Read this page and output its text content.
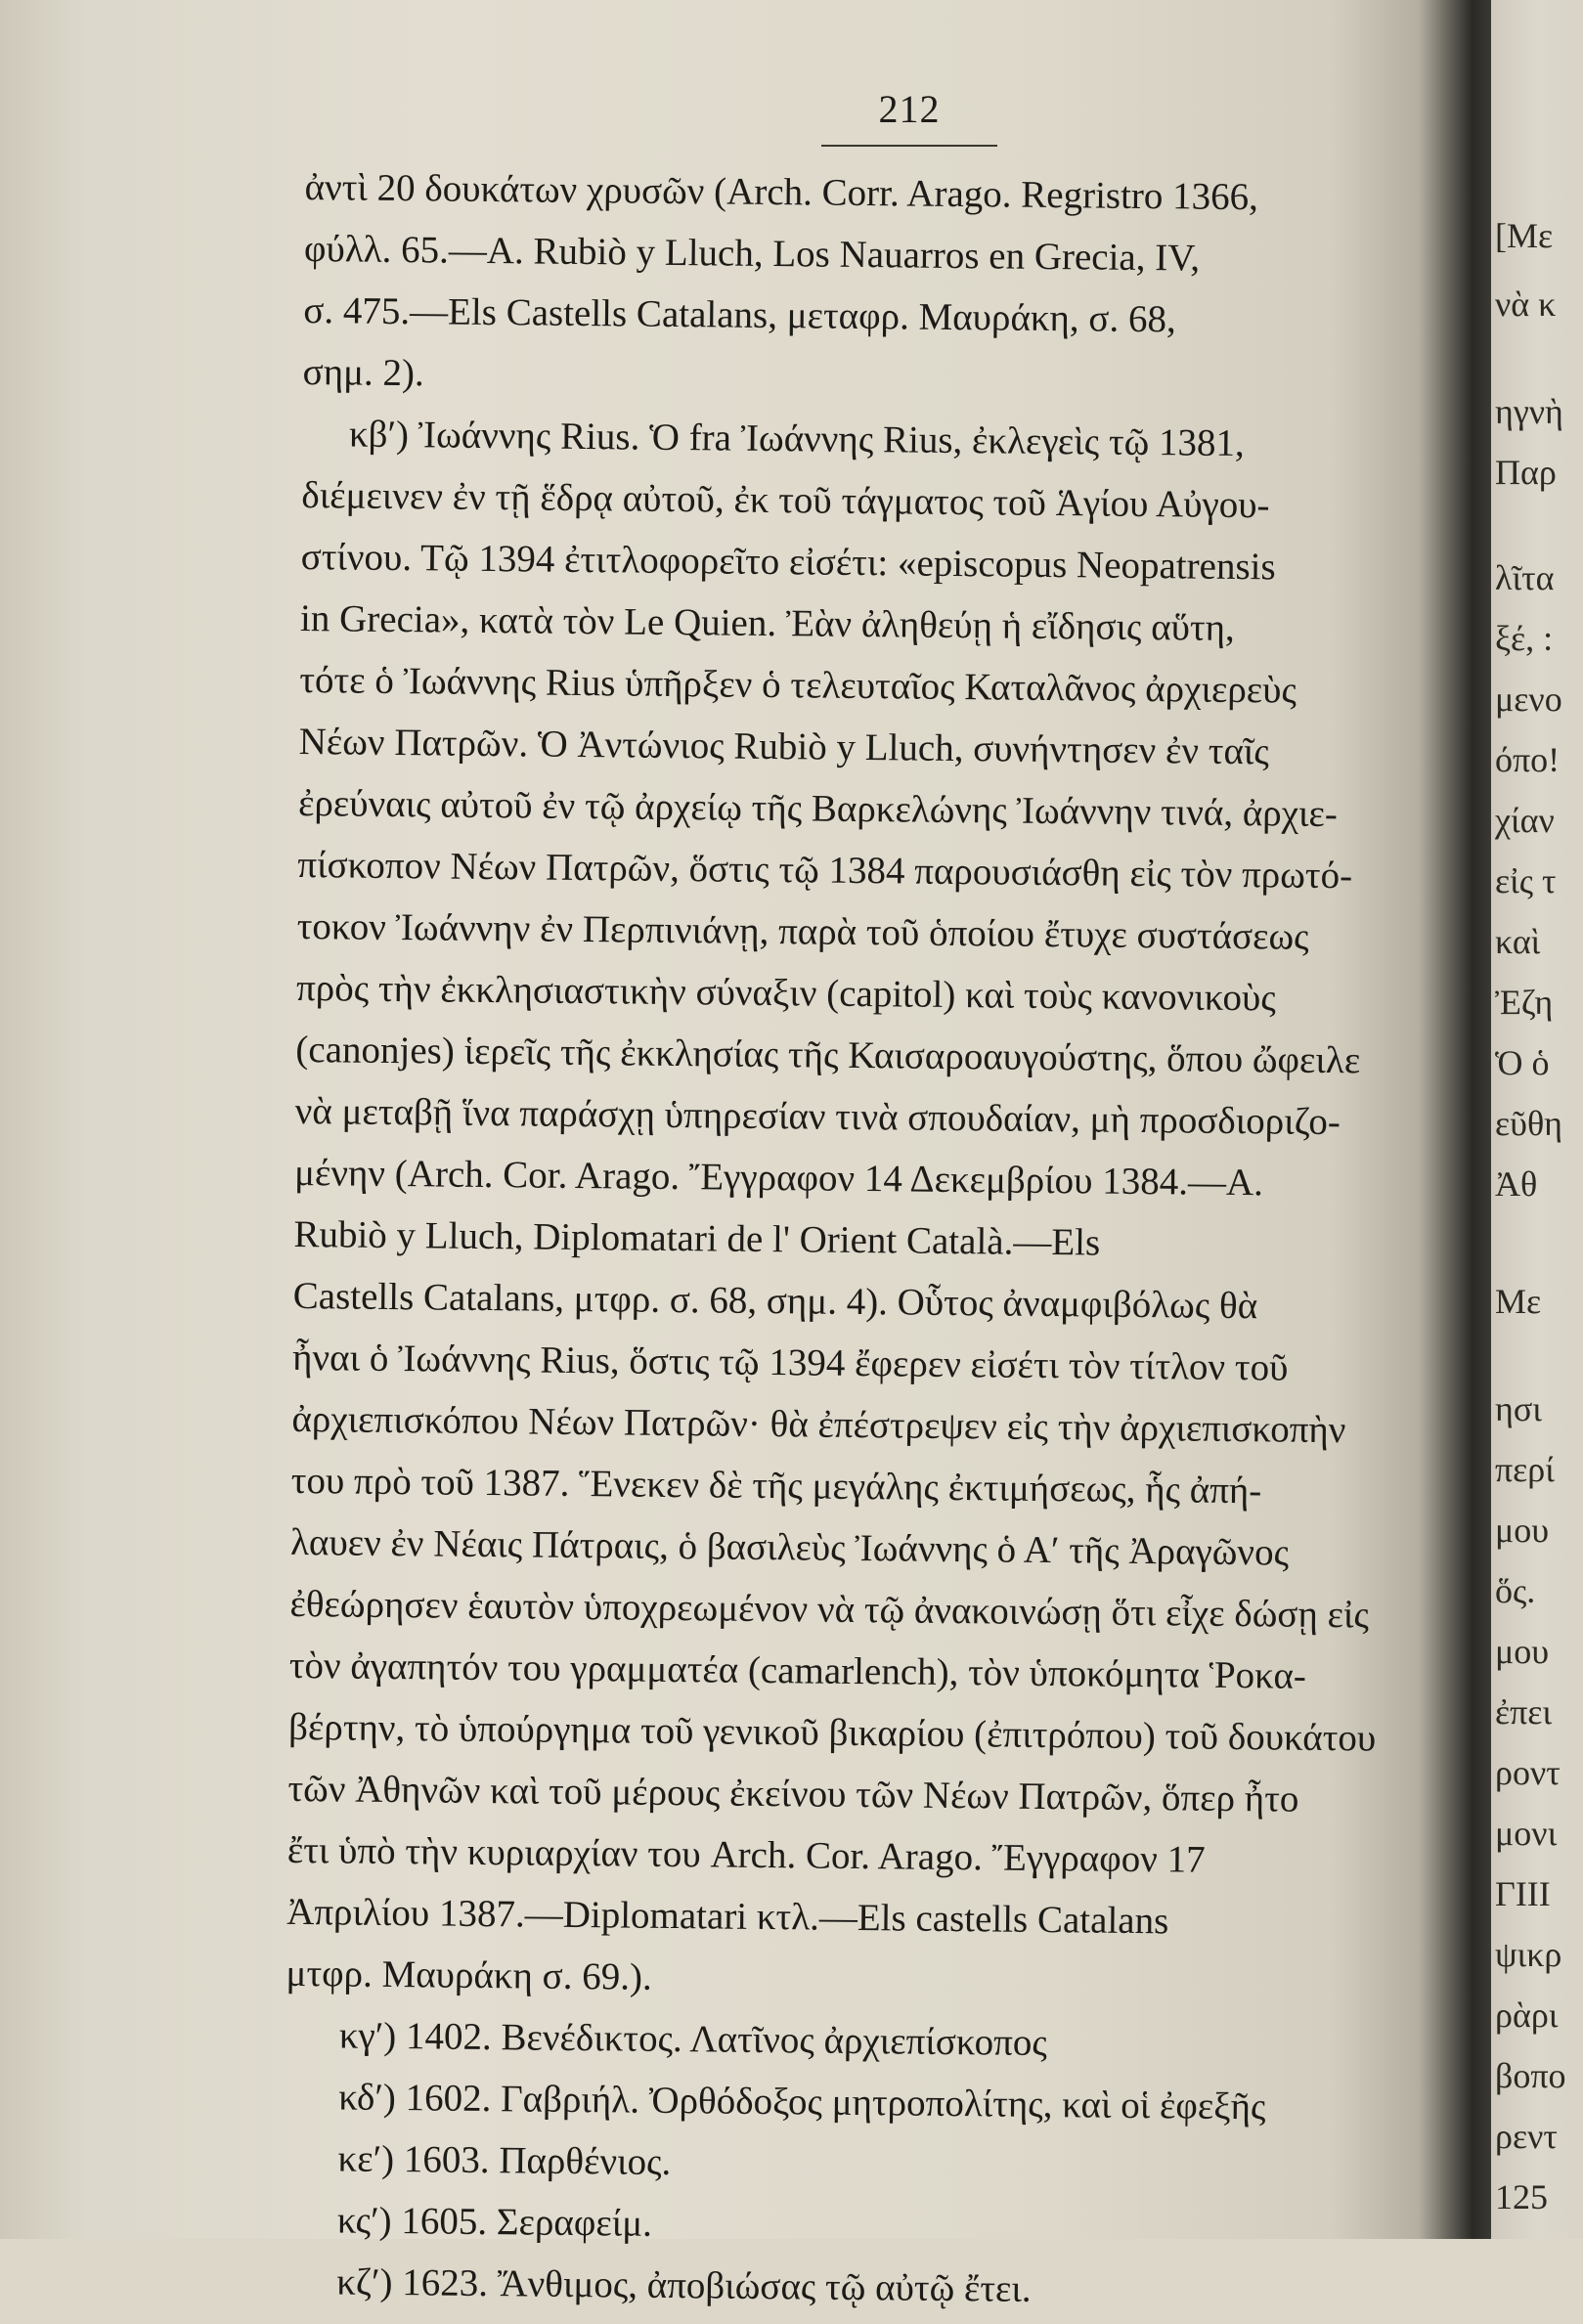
212
ἀντὶ 20 δουκάτων χρυσῶν (Arch. Corr. Arago. Regristro 1366,
φύλλ. 65.—A. Rubiò y Lluch, Los Nauarros en Grecia, IV,
σ. 475.—Els Castells Catalans, μεταφρ. Μαυράκη, σ. 68,
σημ. 2).
κβʹ) Ἰωάννης Rius. Ὁ fra Ἰωάννης Rius, ἐκλεγεὶς τῷ 1381,
διέμεινεν ἐν τῇ ἕδρᾳ αὐτοῦ, ἐκ τοῦ τάγματος τοῦ Ἁγίου Αὐγου-
στίνου. Τῷ 1394 ἐτιτλοφορεῖτο εἰσέτι: «episcopus Neopatrensis
in Grecia», κατὰ τὸν Le Quien. Ἐὰν ἀληθεύῃ ἡ εἴδησις αὕτη,
τότε ὁ Ἰωάννης Rius ὑπῆρξεν ὁ τελευταῖος Καταλᾶνος ἀρχιερεὺς
Νέων Πατρῶν. Ὁ Ἀντώνιος Rubiò y Lluch, συνήντησεν ἐν ταῖς
ἐρεύναις αὐτοῦ ἐν τῷ ἀρχείῳ τῆς Βαρκελώνης Ἰωάννην τινά, ἀρχιε-
πίσκοπον Νέων Πατρῶν, ὅστις τῷ 1384 παρουσιάσθη εἰς τὸν πρωτό-
τοκον Ἰωάννην ἐν Περπινιάνῃ, παρὰ τοῦ ὁποίου ἔτυχε συστάσεως
πρὸς τὴν ἐκκλησιαστικὴν σύναξιν (capitol) καὶ τοὺς κανονικοὺς
(canonjes) ἱερεῖς τῆς ἐκκλησίας τῆς Καισαροαυγούστης, ὅπου ὤφειλε
νὰ μεταβῇ ἵνα παράσχῃ ὑπηρεσίαν τινὰ σπουδαίαν, μὴ προσδιοριζο-
μένην (Arch. Cor. Arago. Ἔγγραφον 14 Δεκεμβρίου 1384.—A.
Rubiò y Lluch, Diplomatari de l' Orient Català.—Els
Castells Catalans, μτφρ. σ. 68, σημ. 4). Οὗτος ἀναμφιβόλως θὰ
ἦναι ὁ Ἰωάννης Rius, ὅστις τῷ 1394 ἔφερεν εἰσέτι τὸν τίτλον τοῦ
ἀρχιεπισκόπου Νέων Πατρῶν· θὰ ἐπέστρεψεν εἰς τὴν ἀρχιεπισκοπὴν
του πρὸ τοῦ 1387. Ἕνεκεν δὲ τῆς μεγάλης ἐκτιμήσεως, ἧς ἀπή-
λαυεν ἐν Νέαις Πάτραις, ὁ βασιλεὺς Ἰωάννης ὁ Αʹ τῆς Ἀραγῶνος
ἐθεώρησεν ἑαυτὸν ὑποχρεωμένον νὰ τῷ ἀνακοινώσῃ ὅτι εἶχε δώσῃ εἰς
τὸν ἀγαπητόν του γραμματέα (camarlench), τὸν ὑποκόμητα Ῥοκα-
βέρτην, τὸ ὑπούργημα τοῦ γενικοῦ βικαρίου (ἐπιτρόπου) τοῦ δουκάτου
τῶν Ἀθηνῶν καὶ τοῦ μέρους ἐκείνου τῶν Νέων Πατρῶν, ὅπερ ἦτο
ἔτι ὑπὸ τὴν κυριαρχίαν του Arch. Cor. Arago. Ἔγγραφον 17
Ἀπριλίου 1387.—Diplomatari κτλ.—Els castells Catalans
μτφρ. Μαυράκη σ. 69.).
κγʹ) 1402. Βενέδικτος. Λατῖνος ἀρχιεπίσκοπος
κδʹ) 1602. Γαβριήλ. Ὀρθόδοξος μητροπολίτης, καὶ οἱ ἐφεξῆς
κεʹ) 1603. Παρθένιος.
κςʹ) 1605. Σεραφείμ.
κζʹ) 1623. Ἄνθιμος, ἀποβιώσας τῷ αὐτῷ ἔτει.
[Με
νὰ κ
ηγνὴ
Παρ
λῖτα
ξέ, :
μενο
όπο!
χίαν
εἰς τ
καὶ
Ἐζη
Ὁ ὁ
εῦθη
Ἀθ
Με
ησι
περί
μου
ὅς.
μου
ἐπει
ροντ
μονι
ΓΙΙΙ
ψικρ
ρὰρι
βοπο
ρεντ
125
